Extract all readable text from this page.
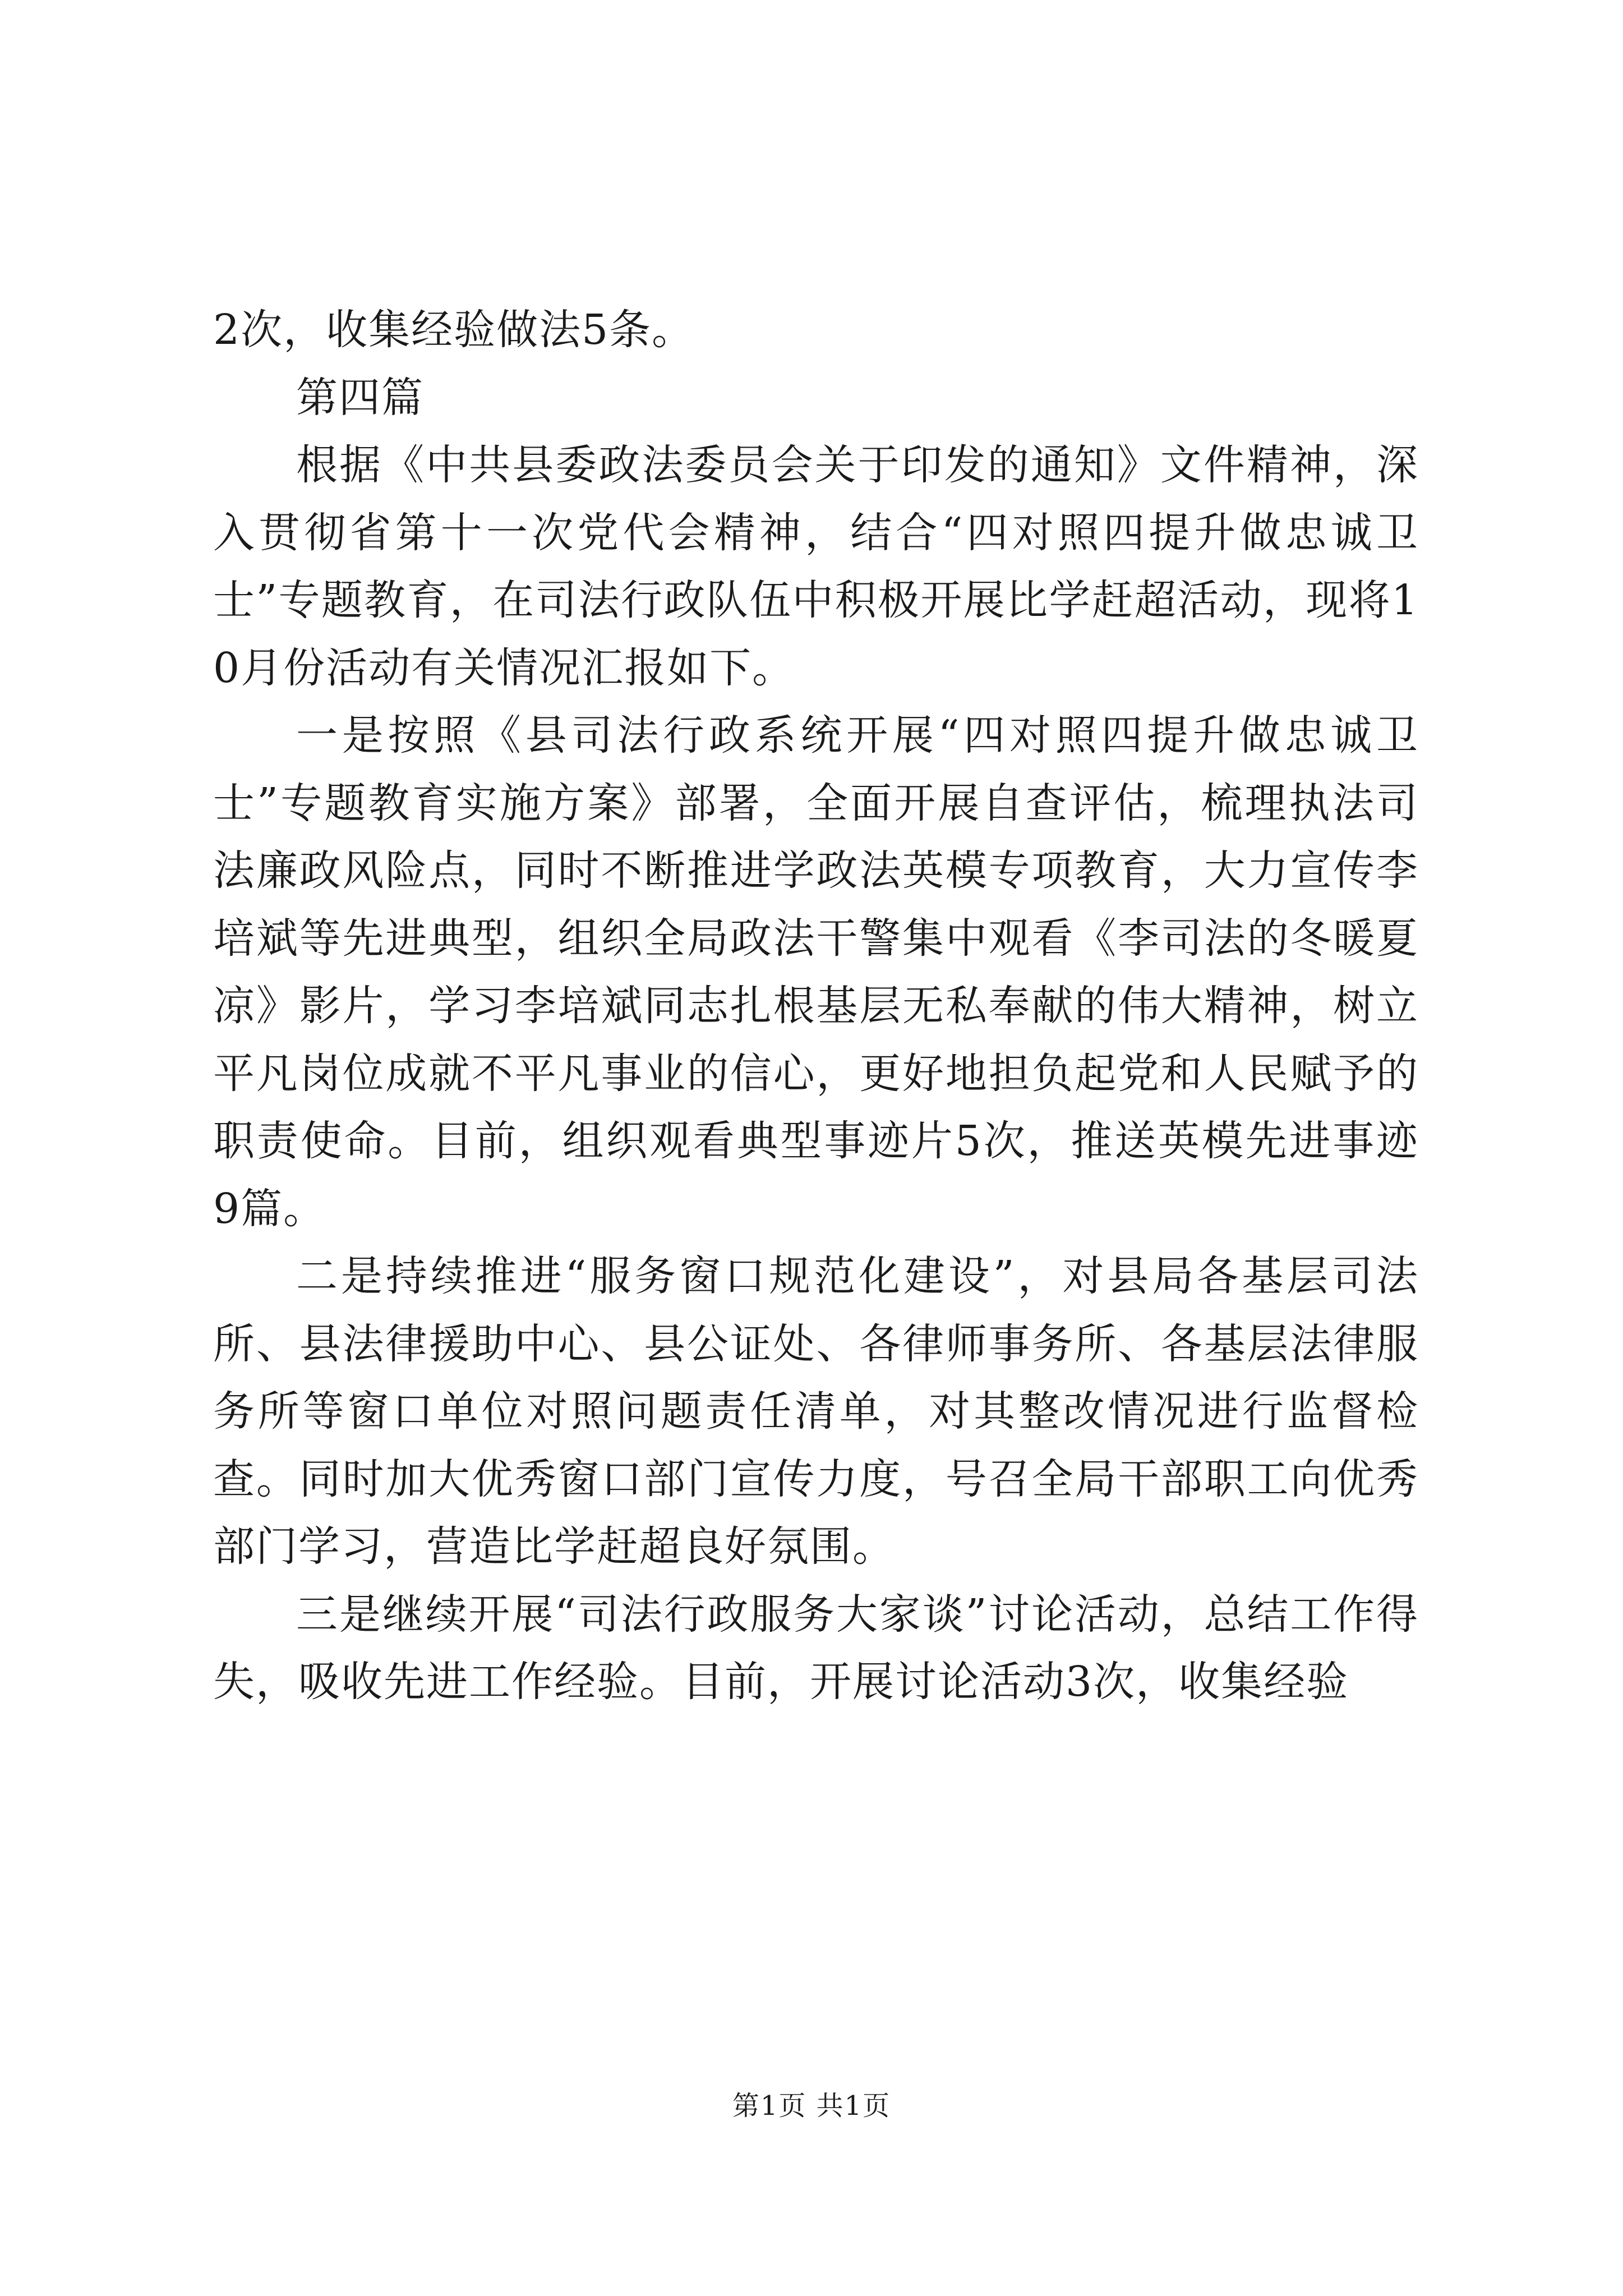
2次，收集经验做法5条。

第四篇

根据《中共县委政法委员会关于印发的通知》文件精神，深入贯彻省第十一次党代会精神，结合“四对照四提升做忠诚卫士”专题教育，在司法行政队伍中积极开展比学赶超活动，现将10月份活动有关情况汇报如下。

一是按照《县司法行政系统开展“四对照四提升做忠诚卫士”专题教育实施方案》部署，全面开展自查评估，梳理执法司法廉政风险点，同时不断推进学政法英模专项教育，大力宣传李培斌等先进典型，组织全局政法干警集中观看《李司法的冬暖夏凉》影片，学习李培斌同志扎根基层无私奉献的伟大精神，树立平凡岗位成就不平凡事业的信心，更好地担负起党和人民赋予的职责使命。目前，组织观看典型事迹片5次，推送英模先进事迹9篇。

二是持续推进“服务窗口规范化建设”，对县局各基层司法所、县法律援助中心、县公证处、各律师事务所、各基层法律服务所等窗口单位对照问题责任清单，对其整改情况进行监督检查。同时加大优秀窗口部门宣传力度，号召全局干部职工向优秀部门学习，营造比学赶超良好氛围。

三是继续开展“司法行政服务大家谈”讨论活动，总结工作得失，吸收先进工作经验。目前，开展讨论活动3次，收集经验

第1页 共1页
